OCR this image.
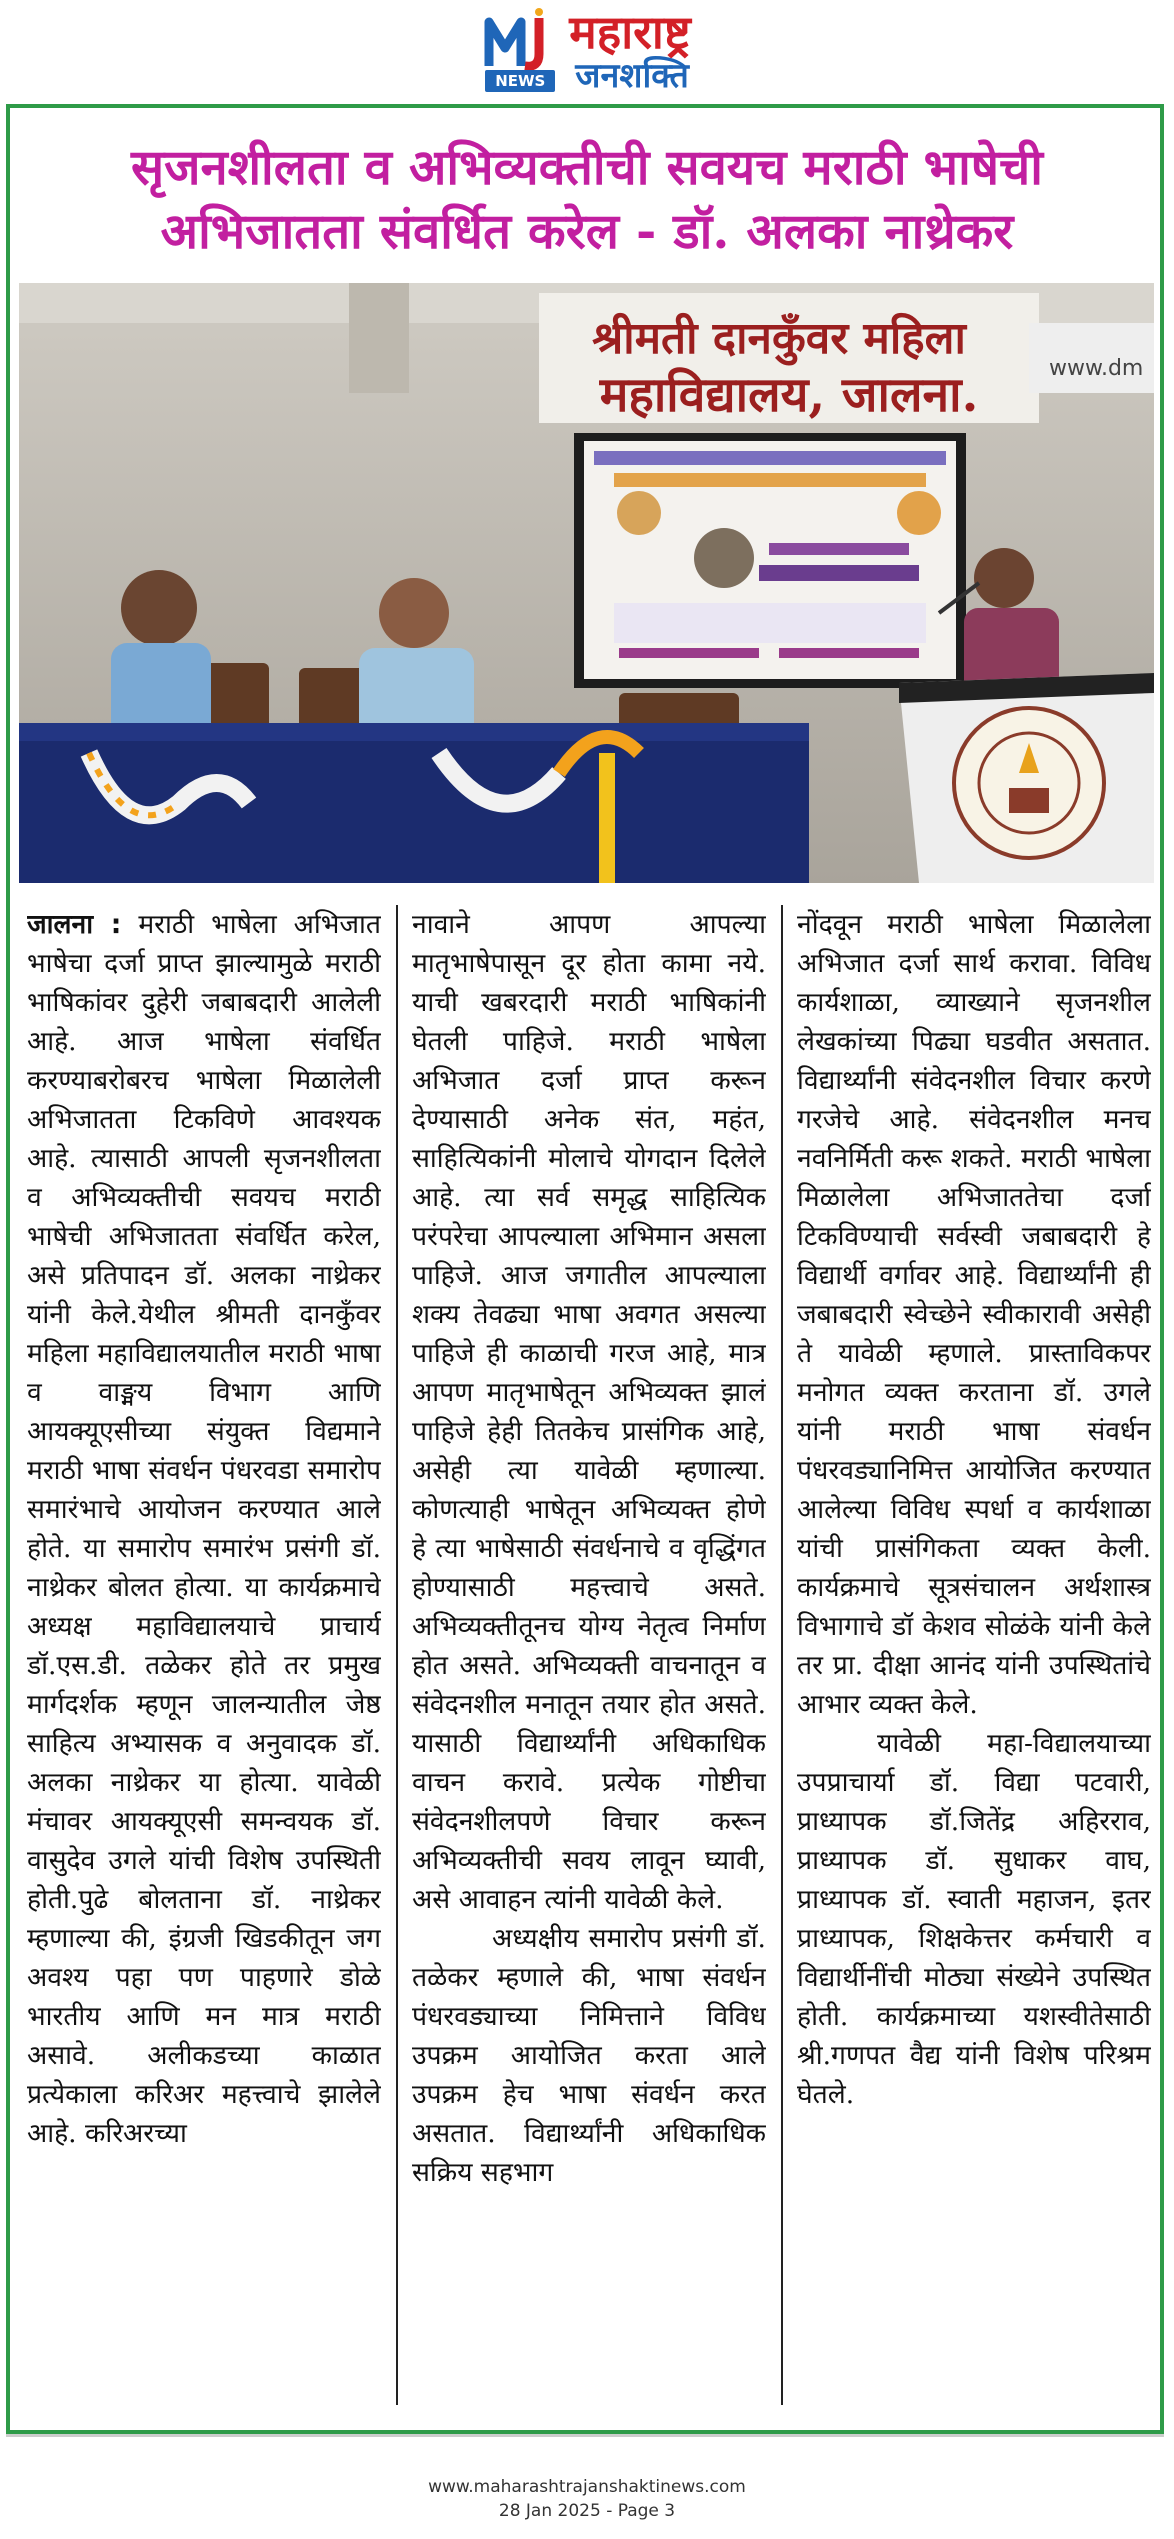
NEWS
महाराष्ट्र
जनशक्ति
सृजनशीलता व अभिव्यक्तीची सवयच मराठी भाषेची
अभिजातता संवर्धित करेल - डॉ. अलका नाथ्रेकर
श्रीमती दानकुँवर महिला
महाविद्यालय, जालना.	www.dm

जालना : मराठी भाषेला अभिजात भाषेचा दर्जा प्राप्त झाल्यामुळे मराठी भाषिकांवर दुहेरी जबाबदारी आलेली आहे. आज भाषेला संवर्धित करण्याबरोबरच भाषेला मिळालेली अभिजातता टिकविणे आवश्यक आहे. त्यासाठी आपली सृजनशीलता व अभिव्यक्तीची सवयच मराठी भाषेची अभिजातता संवर्धित करेल, असे प्रतिपादन डॉ. अलका नाथ्रेकर यांनी केले.येथील श्रीमती दानकुँवर महिला महाविद्यालयातील मराठी भाषा व वाङ्मय विभाग आणि आयक्यूएसीच्या संयुक्त विद्यमाने मराठी भाषा संवर्धन पंधरवडा समारोप समारंभाचे आयोजन करण्यात आले होते. या समारोप समारंभ प्रसंगी डॉ. नाथ्रेकर बोलत होत्या. या कार्यक्रमाचे अध्यक्ष महाविद्यालयाचे प्राचार्य डॉ.एस.डी. तळेकर होते तर प्रमुख मार्गदर्शक म्हणून जालन्यातील जेष्ठ साहित्य अभ्यासक व अनुवादक डॉ. अलका नाथ्रेकर या होत्या. यावेळी मंचावर आयक्यूएसी समन्वयक डॉ. वासुदेव उगले यांची विशेष उपस्थिती होती.पुढे बोलताना डॉ. नाथ्रेकर म्हणाल्या की, इंग्रजी खिडकीतून जग अवश्य पहा पण पाहणारे डोळे भारतीय आणि मन मात्र मराठी असावे. अलीकडच्या काळात प्रत्येकाला करिअर महत्त्वाचे झालेले आहे. करिअरच्या

नावाने आपण आपल्या मातृभाषेपासून दूर होता कामा नये. याची खबरदारी मराठी भाषिकांनी घेतली पाहिजे. मराठी भाषेला अभिजात दर्जा प्राप्त करून देण्यासाठी अनेक संत, महंत, साहित्यिकांनी मोलाचे योगदान दिलेले आहे. त्या सर्व समृद्ध साहित्यिक परंपरेचा आपल्याला अभिमान असला पाहिजे. आज जगातील आपल्याला शक्य तेवढ्या भाषा अवगत असल्या पाहिजे ही काळाची गरज आहे, मात्र आपण मातृभाषेतून अभिव्यक्त झालं पाहिजे हेही तितकेच प्रासंगिक आहे, असेही त्या यावेळी म्हणाल्या. कोणत्याही भाषेतून अभिव्यक्त होणे हे त्या भाषेसाठी संवर्धनाचे व वृद्धिंगत होण्यासाठी महत्त्वाचे असते. अभिव्यक्तीतूनच योग्य नेतृत्व निर्माण होत असते. अभिव्यक्ती वाचनातून व संवेदनशील मनातून तयार होत असते. यासाठी विद्यार्थ्यांनी अधिकाधिक वाचन करावे. प्रत्येक गोष्टीचा संवेदनशीलपणे विचार करून अभिव्यक्तीची सवय लावून घ्यावी, असे आवाहन त्यांनी यावेळी केले.

अध्यक्षीय समारोप प्रसंगी डॉ. तळेकर म्हणाले की, भाषा संवर्धन पंधरवड्याच्या निमित्ताने विविध उपक्रम आयोजित करता आले उपक्रम हेच भाषा संवर्धन करत असतात. विद्यार्थ्यांनी अधिकाधिक सक्रिय सहभाग

नोंदवून मराठी भाषेला मिळालेला अभिजात दर्जा सार्थ करावा. विविध कार्यशाळा, व्याख्याने सृजनशील लेखकांच्या पिढ्या घडवीत असतात. विद्यार्थ्यांनी संवेदनशील विचार करणे गरजेचे आहे. संवेदनशील मनच नवनिर्मिती करू शकते. मराठी भाषेला मिळालेला अभिजाततेचा दर्जा टिकविण्याची सर्वस्वी जबाबदारी हे विद्यार्थी वर्गावर आहे. विद्यार्थ्यांनी ही जबाबदारी स्वेच्छेने स्वीकारावी असेही ते यावेळी म्हणाले. प्रास्ताविकपर मनोगत व्यक्त करताना डॉ. उगले यांनी मराठी भाषा संवर्धन पंधरवड्यानिमित्त आयोजित करण्यात आलेल्या विविध स्पर्धा व कार्यशाळा यांची प्रासंगिकता व्यक्त केली. कार्यक्रमाचे सूत्रसंचालन अर्थशास्त्र विभागाचे डॉ केशव सोळंके यांनी केले तर प्रा. दीक्षा आनंद यांनी उपस्थितांचे आभार व्यक्त केले.

यावेळी महा-विद्यालयाच्या उपप्राचार्या डॉ. विद्या पटवारी, प्राध्यापक डॉ.जितेंद्र अहिरराव, प्राध्यापक डॉ. सुधाकर वाघ, प्राध्यापक डॉ. स्वाती महाजन, इतर प्राध्यापक, शिक्षकेत्तर कर्मचारी व विद्यार्थीनींची मोठ्या संख्येने उपस्थित होती. कार्यक्रमाच्या यशस्वीतेसाठी श्री.गणपत वैद्य यांनी विशेष परिश्रम घेतले.

www.maharashtrajanshaktinews.com
28 Jan 2025 - Page 3
